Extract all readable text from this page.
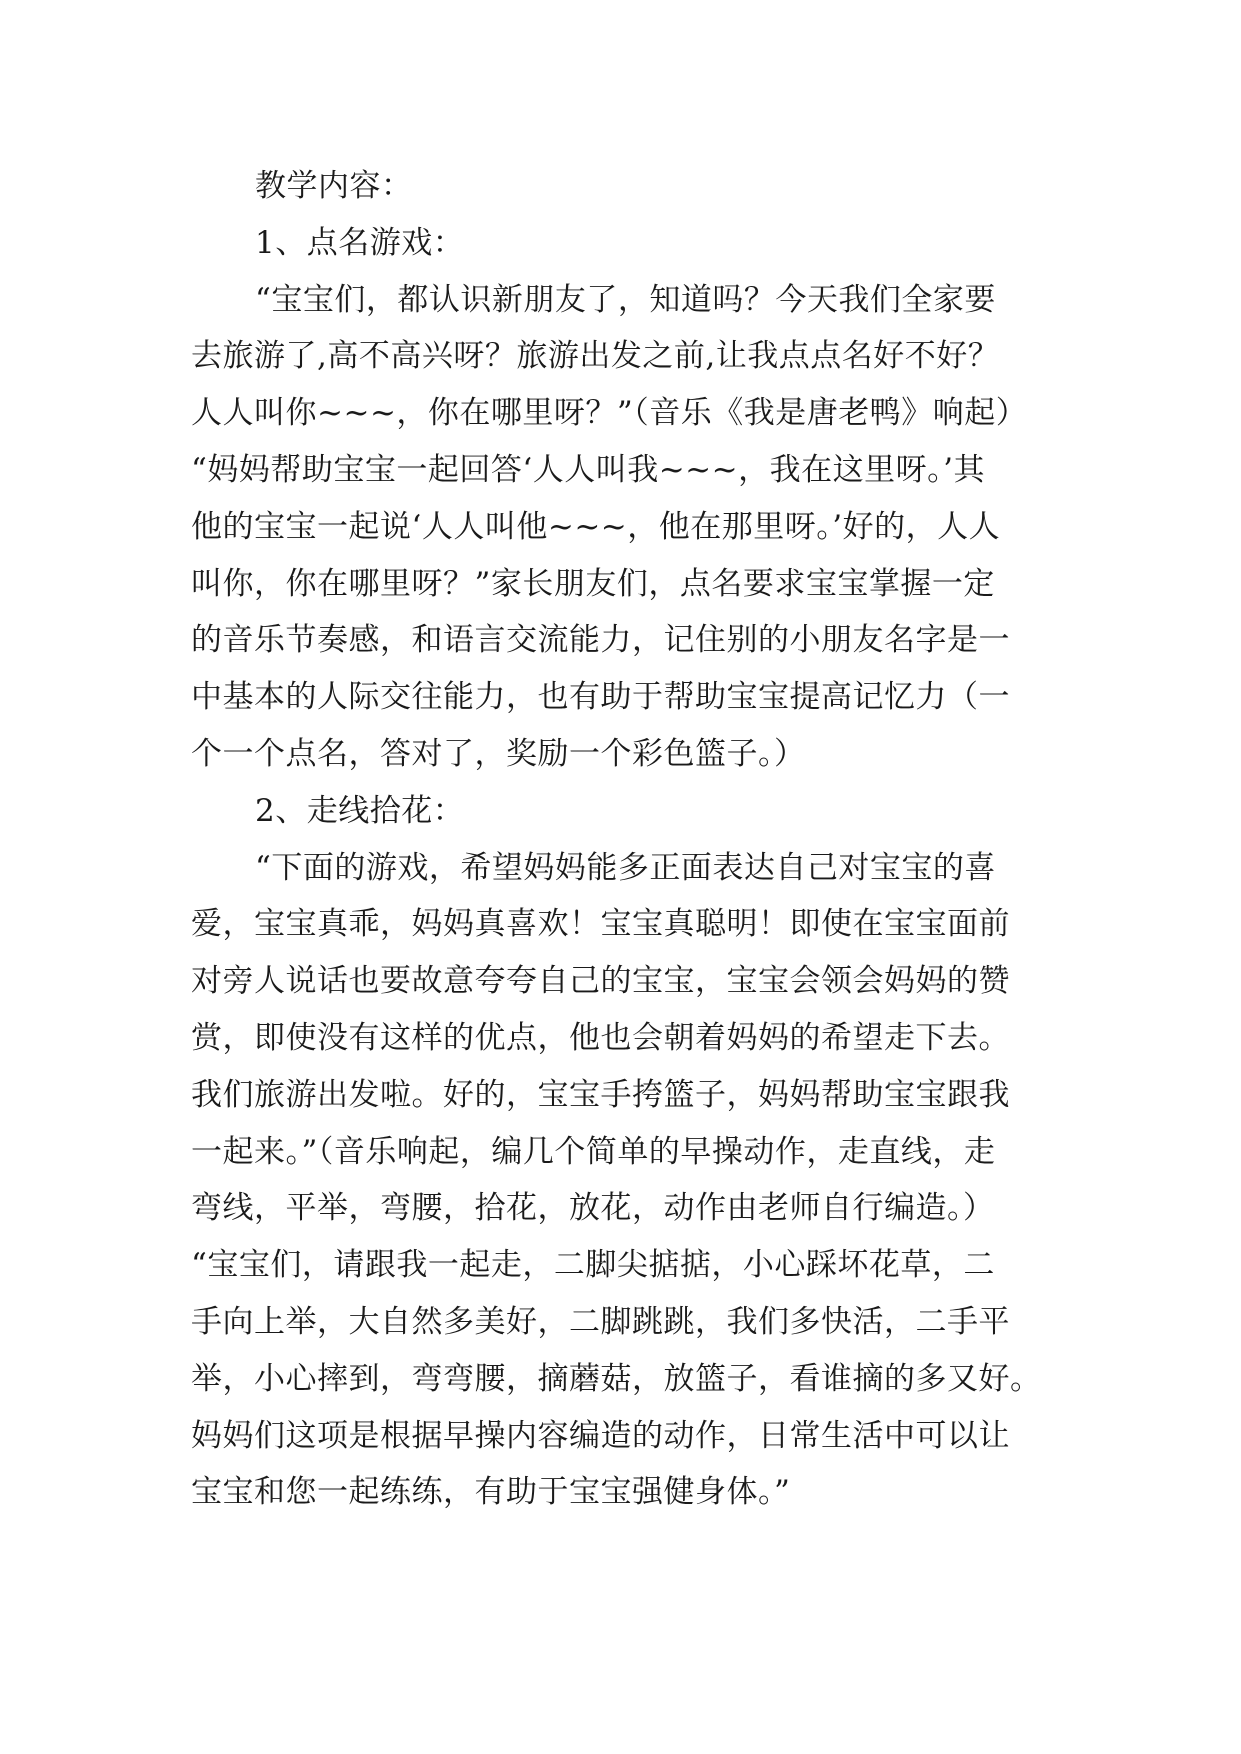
教学内容：
1、点名游戏：
“宝宝们，都认识新朋友了，知道吗？今天我们全家要
去旅游了,高不高兴呀？旅游出发之前,让我点点名好不好？
人人叫你~~~，你在哪里呀？”（音乐《我是唐老鸭》响起）
“妈妈帮助宝宝一起回答‘人人叫我~~~，我在这里呀。’其
他的宝宝一起说‘人人叫他~~~，他在那里呀。’好的，人人
叫你，你在哪里呀？”家长朋友们，点名要求宝宝掌握一定
的音乐节奏感，和语言交流能力，记住别的小朋友名字是一
中基本的人际交往能力，也有助于帮助宝宝提高记忆力（一
个一个点名，答对了，奖励一个彩色篮子。）
2、走线拾花：
“下面的游戏，希望妈妈能多正面表达自己对宝宝的喜
爱，宝宝真乖，妈妈真喜欢！宝宝真聪明！即使在宝宝面前
对旁人说话也要故意夸夸自己的宝宝，宝宝会领会妈妈的赞
赏，即使没有这样的优点，他也会朝着妈妈的希望走下去。
我们旅游出发啦。好的，宝宝手挎篮子，妈妈帮助宝宝跟我
一起来。”（音乐响起，编几个简单的早操动作，走直线，走
弯线，平举，弯腰，拾花，放花，动作由老师自行编造。）
“宝宝们，请跟我一起走，二脚尖掂掂，小心踩坏花草，二
手向上举，大自然多美好，二脚跳跳，我们多快活，二手平
举，小心摔到，弯弯腰，摘蘑菇，放篮子，看谁摘的多又好。
妈妈们这项是根据早操内容编造的动作，日常生活中可以让
宝宝和您一起练练，有助于宝宝强健身体。”
